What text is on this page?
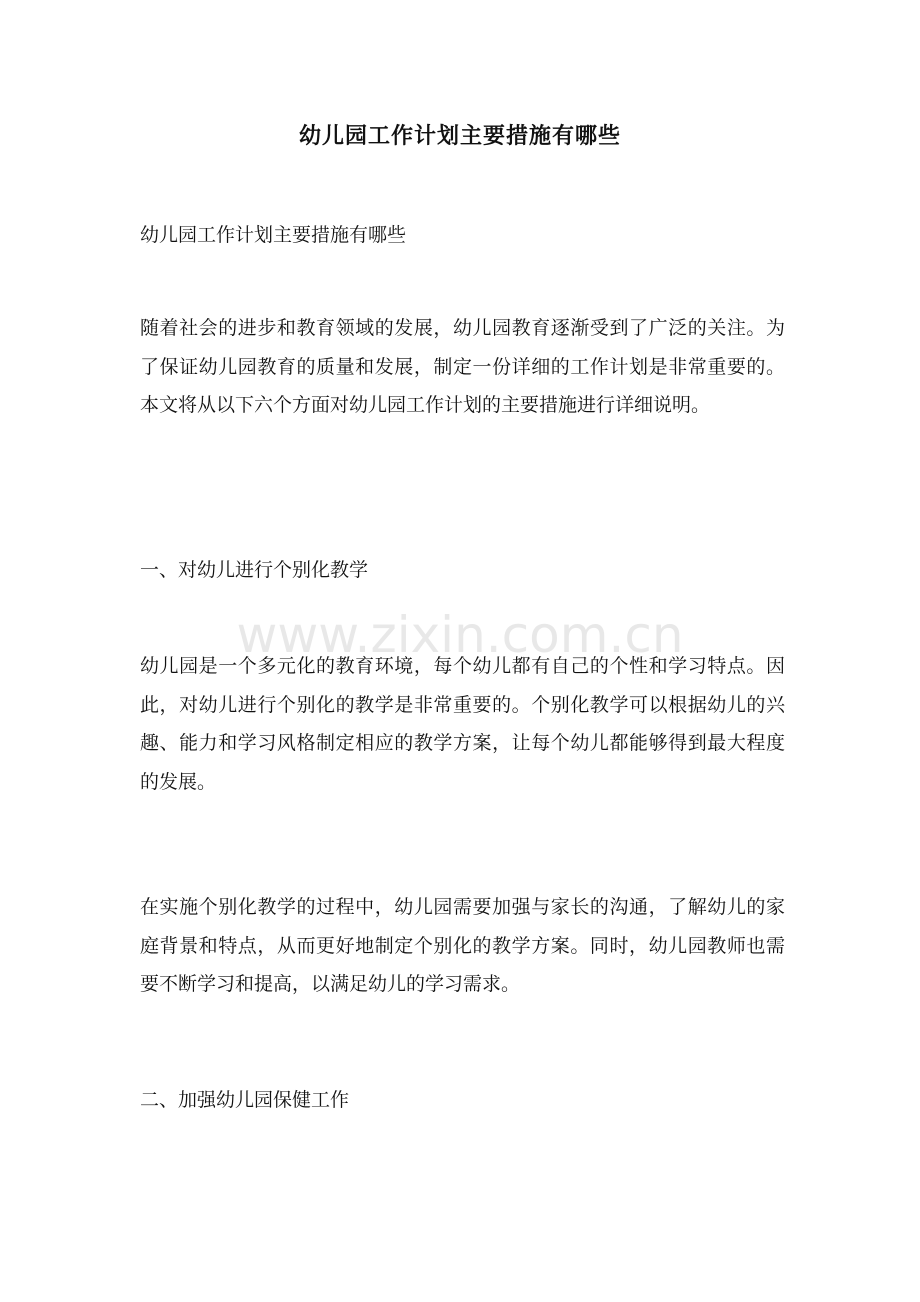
幼儿园工作计划主要措施有哪些

幼儿园工作计划主要措施有哪些

随着社会的进步和教育领域的发展，幼儿园教育逐渐受到了广泛的关注。为了保证幼儿园教育的质量和发展，制定一份详细的工作计划是非常重要的。本文将从以下六个方面对幼儿园工作计划的主要措施进行详细说明。

一、对幼儿进行个别化教学

幼儿园是一个多元化的教育环境，每个幼儿都有自己的个性和学习特点。因此，对幼儿进行个别化的教学是非常重要的。个别化教学可以根据幼儿的兴趣、能力和学习风格制定相应的教学方案，让每个幼儿都能够得到最大程度的发展。

在实施个别化教学的过程中，幼儿园需要加强与家长的沟通，了解幼儿的家庭背景和特点，从而更好地制定个别化的教学方案。同时，幼儿园教师也需要不断学习和提高，以满足幼儿的学习需求。

二、加强幼儿园保健工作

www.zixin.com.cn
